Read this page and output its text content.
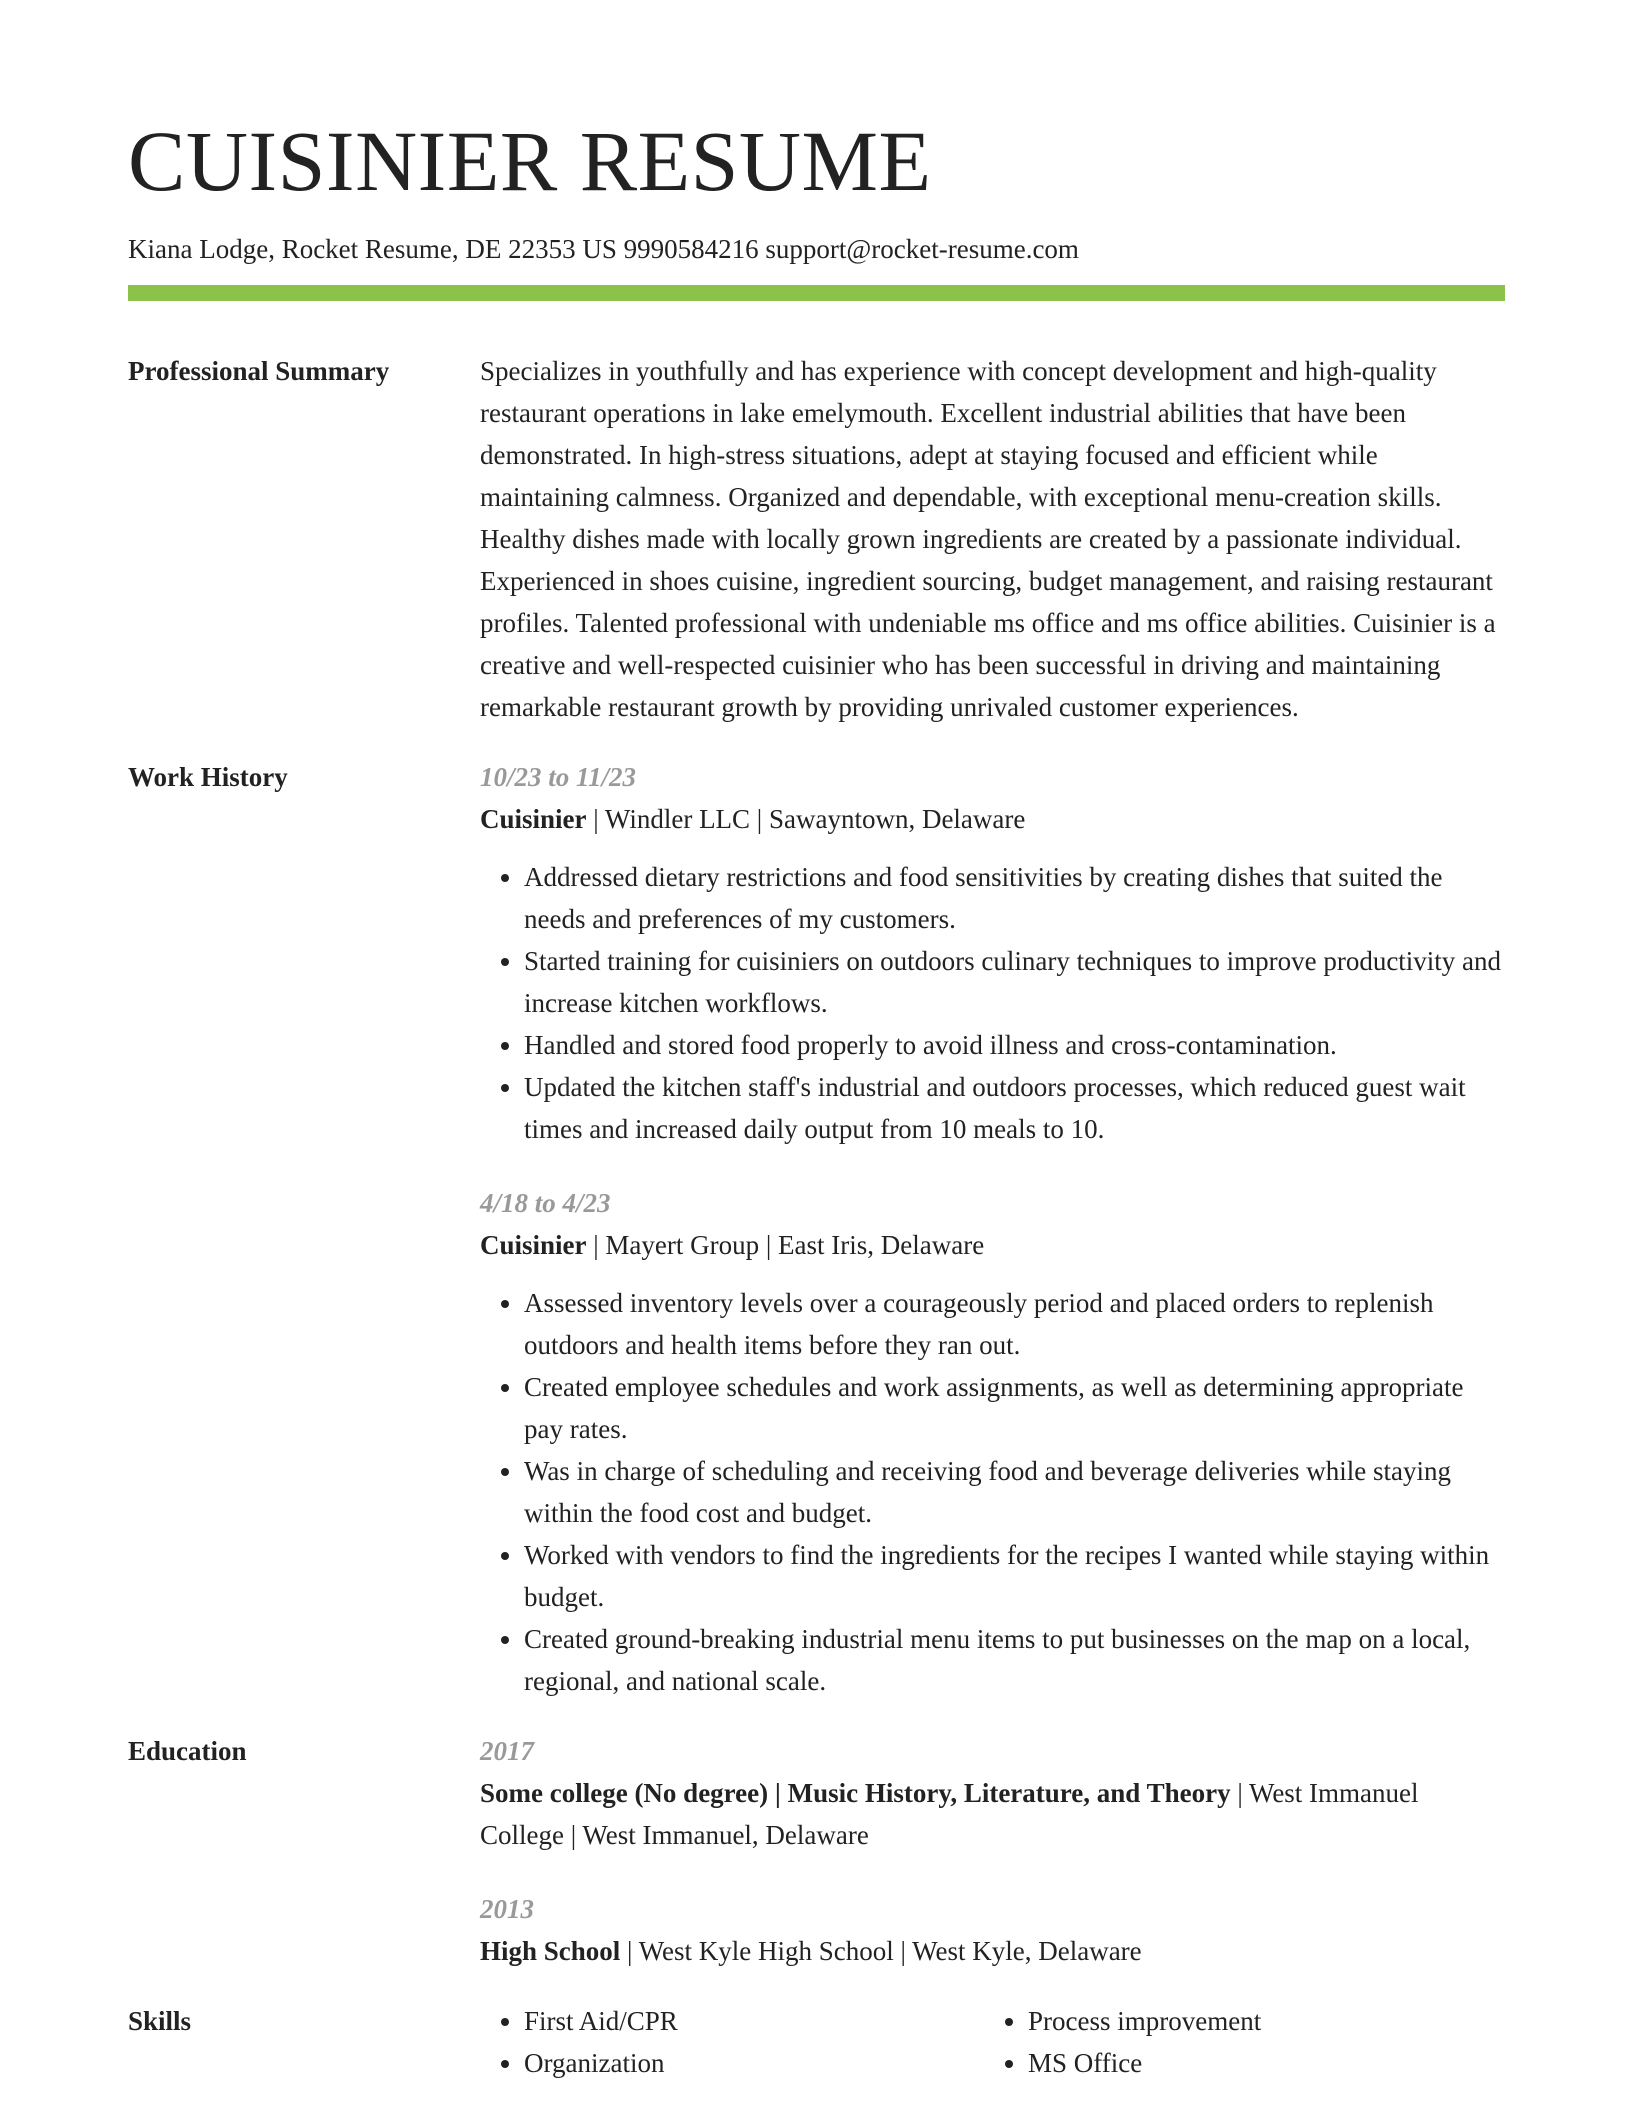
CUISINIER RESUME
Kiana Lodge, Rocket Resume, DE 22353 US 9990584216 support@rocket-resume.com
Professional Summary	Specializes in youthfully and has experience with concept development and high-quality restaurant operations in lake emelymouth. Excellent industrial abilities that have been demonstrated. In high-stress situations, adept at staying focused and efficient while maintaining calmness. Organized and dependable, with exceptional menu-creation skills. Healthy dishes made with locally grown ingredients are created by a passionate individual. Experienced in shoes cuisine, ingredient sourcing, budget management, and raising restaurant profiles. Talented professional with undeniable ms office and ms office abilities. Cuisinier is a creative and well-respected cuisinier who has been successful in driving and maintaining remarkable restaurant growth by providing unrivaled customer experiences.

Work History	10/23 to 11/23

Cuisinier | Windler LLC | Sawayntown, Delaware

• Addressed dietary restrictions and food sensitivities by creating dishes that suited the needs and preferences of my customers.
• Started training for cuisiniers on outdoors culinary techniques to improve productivity and increase kitchen workflows.
• Handled and stored food properly to avoid illness and cross-contamination.
• Updated the kitchen staff's industrial and outdoors processes, which reduced guest wait times and increased daily output from 10 meals to 10.
4/18 to 4/23

Cuisinier | Mayert Group | East Iris, Delaware

• Assessed inventory levels over a courageously period and placed orders to replenish outdoors and health items before they ran out.
• Created employee schedules and work assignments, as well as determining appropriate pay rates.
• Was in charge of scheduling and receiving food and beverage deliveries while staying within the food cost and budget.
• Worked with vendors to find the ingredients for the recipes I wanted while staying within budget.
• Created ground-breaking industrial menu items to put businesses on the map on a local, regional, and national scale.
Education	2017

Some college (No degree) | Music History, Literature, and Theory | West Immanuel College | West Immanuel, Delaware

2013

High School | West Kyle High School | West Kyle, Delaware

Skills
•	First Aid/CPR
• Organization
• Process improvement
• MS Office
